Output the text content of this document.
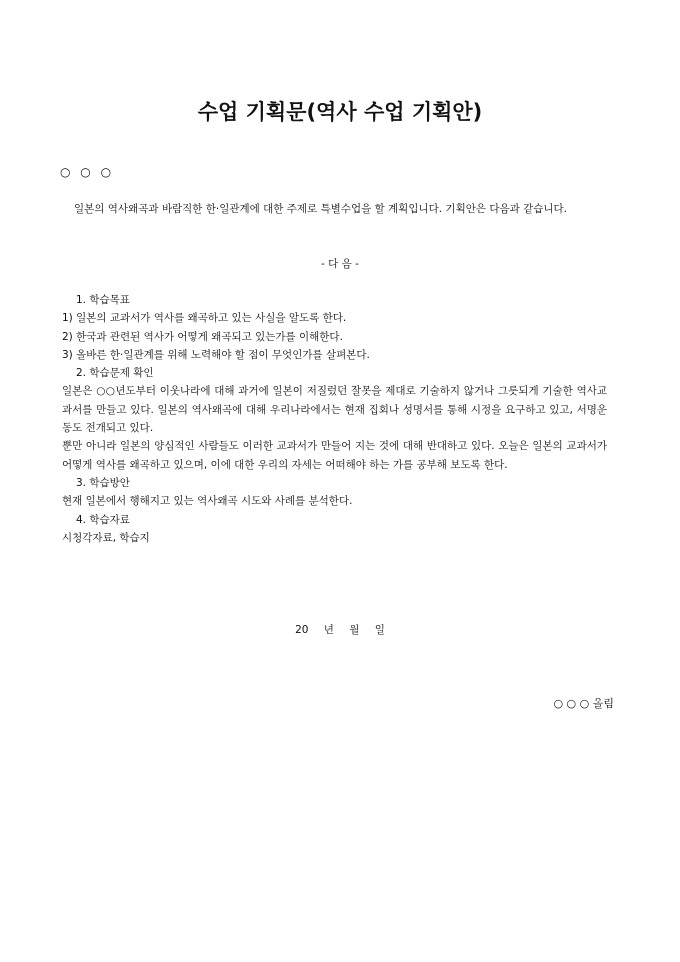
수업 기획문(역사 수업 기획안)
○ ○ ○
일본의 역사왜곡과 바람직한 한·일관계에 대한 주제로 특별수업을 할 계획입니다. 기획안은 다음과 같습니다.
- 다 음 -
1. 학습목표
1) 일본의 교과서가 역사를 왜곡하고 있는 사실을 알도록 한다.
2) 한국과 관련된 역사가 어떻게 왜곡되고 있는가를 이해한다.
3) 올바른 한·일관계를 위해 노력해야 할 점이 무엇인가를 살펴본다.
2. 학습문제 확인
일본은 ○○년도부터 이웃나라에 대해 과거에 일본이 저질렀던 잘못을 제대로 기술하지 않거나 그릇되게 기술한 역사교과서를 만들고 있다. 일본의 역사왜곡에 대해 우리나라에서는 현재 집회나 성명서를 통해 시정을 요구하고 있고, 서명운동도 전개되고 있다.
뿐만 아니라 일본의 양심적인 사람들도 이러한 교과서가 만들어 지는 것에 대해 반대하고 있다. 오늘은 일본의 교과서가 어떻게 역사를 왜곡하고 있으며, 이에 대한 우리의 자세는 어떠해야 하는 가를 공부해 보도록 한다.
3. 학습방안
현재 일본에서 행해지고 있는 역사왜곡 시도와 사례를 분석한다.
4. 학습자료
시청각자료, 학습지
20 년 월 일
○ ○ ○ 올림
